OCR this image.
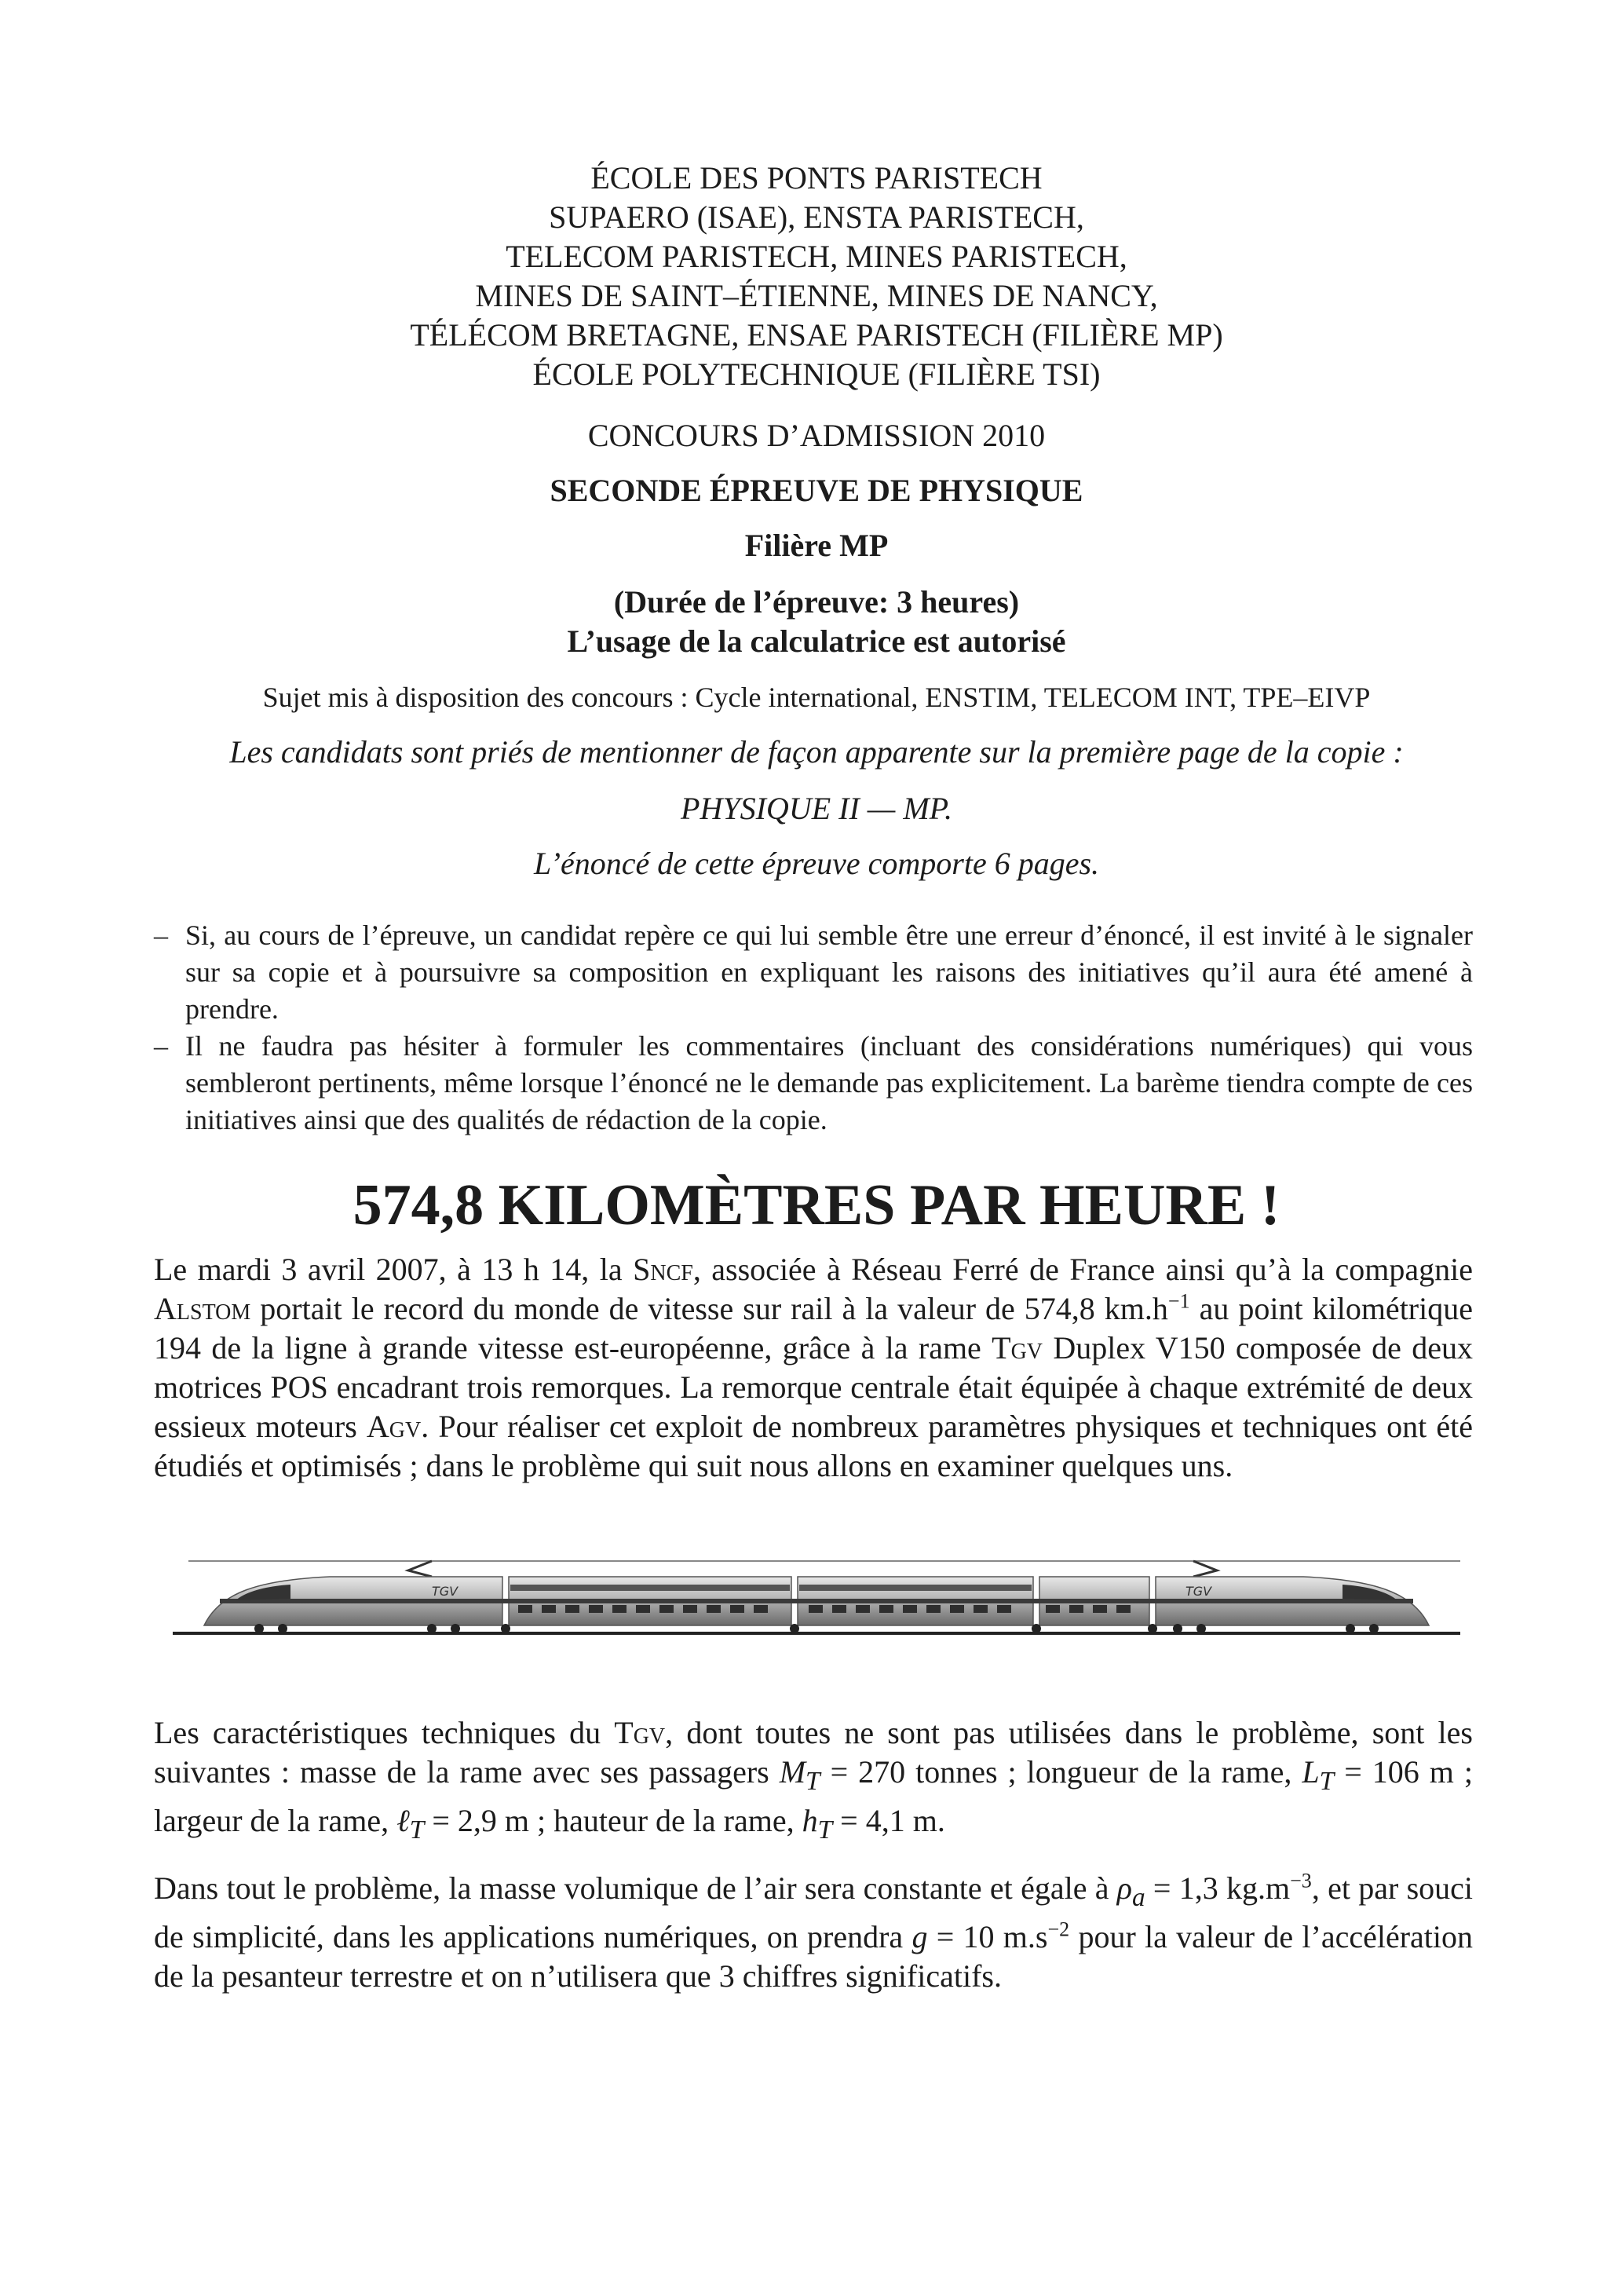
ÉCOLE DES PONTS PARISTECH
SUPAERO (ISAE), ENSTA PARISTECH,
TELECOM PARISTECH, MINES PARISTECH,
MINES DE SAINT–ÉTIENNE, MINES DE NANCY,
TÉLÉCOM BRETAGNE, ENSAE PARISTECH (FILIÈRE MP)
ÉCOLE POLYTECHNIQUE (FILIÈRE TSI)
CONCOURS D’ADMISSION 2010
SECONDE ÉPREUVE DE PHYSIQUE
Filière MP
(Durée de l’épreuve: 3 heures)
L’usage de la calculatrice est autorisé
Sujet mis à disposition des concours : Cycle international, ENSTIM, TELECOM INT, TPE–EIVP
Les candidats sont priés de mentionner de façon apparente sur la première page de la copie :
PHYSIQUE II — MP.
L’énoncé de cette épreuve comporte 6 pages.
– Si, au cours de l’épreuve, un candidat repère ce qui lui semble être une erreur d’énoncé, il est invité à le signaler sur sa copie et à poursuivre sa composition en expliquant les raisons des initiatives qu’il aura été amené à prendre.
– Il ne faudra pas hésiter à formuler les commentaires (incluant des considérations numériques) qui vous sembleront pertinents, même lorsque l’énoncé ne le demande pas explicitement. La barème tiendra compte de ces initiatives ainsi que des qualités de rédaction de la copie.
574,8 KILOMÈTRES PAR HEURE !
Le mardi 3 avril 2007, à 13 h 14, la Sncf, associée à Réseau Ferré de France ainsi qu’à la compagnie Alstom portait le record du monde de vitesse sur rail à la valeur de 574,8 $km.h^{-1}$ au point kilométrique 194 de la ligne à grande vitesse est-européenne, grâce à la rame Tgv Duplex V150 composée de deux motrices POS encadrant trois remorques. La remorque centrale était équipée à chaque extrémité de deux essieux moteurs Agv. Pour réaliser cet exploit de nombreux paramètres physiques et techniques ont été étudiés et optimisés ; dans le problème qui suit nous allons en examiner quelques uns.
TGV	TGV
Les caractéristiques techniques du Tgv, dont toutes ne sont pas utilisées dans le problème, sont les suivantes : masse de la rame avec ses passagers $M_T = 270$ tonnes ; longueur de la rame, $L_T = 106$ m ; largeur de la rame, ℓ$_T$ = 2,9 m ; hauteur de la rame, $h_T = 4,1$ m.
Dans tout le problème, la masse volumique de l’air sera constante et égale à $\rho_a = 1,3$ $kg.m^{-3}$, et par souci de simplicité, dans les applications numériques, on prendra g = 10 $m.s^{-2}$ pour la valeur de l’accélération de la pesanteur terrestre et on n’utilisera que 3 chiffres significatifs.
